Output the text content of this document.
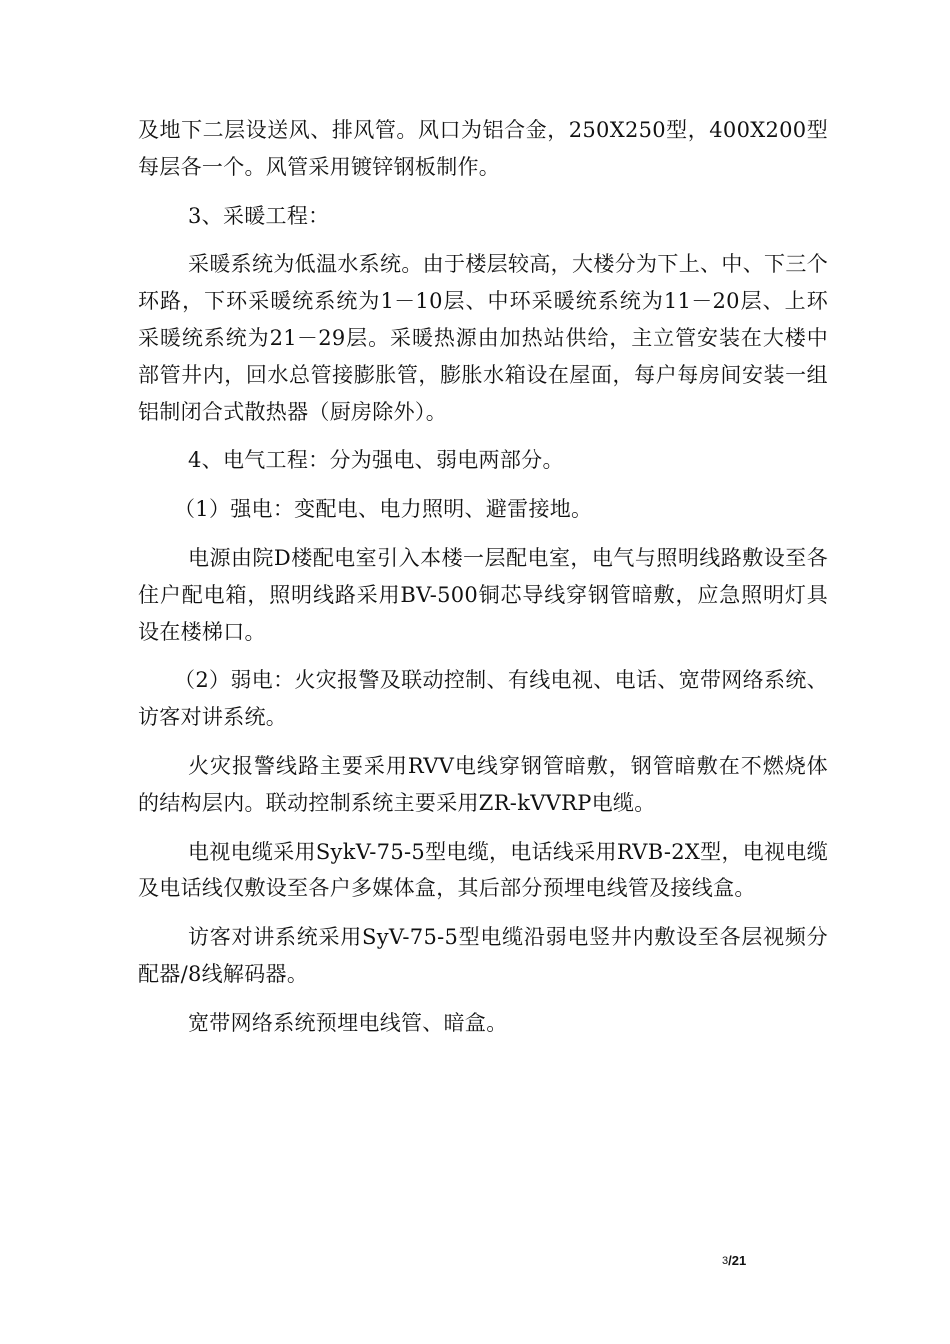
及地下二层设送风、排风管。风口为铝合金，250X250型，400X200型每层各一个。风管采用镀锌钢板制作。

3、采暖工程：

采暖系统为低温水系统。由于楼层较高，大楼分为下上、中、下三个环路，下环采暖统系统为1－10层、中环采暖统系统为11－20层、上环采暖统系统为21－29层。采暖热源由加热站供给，主立管安装在大楼中部管井内，回水总管接膨胀管，膨胀水箱设在屋面，每户每房间安装一组铝制闭合式散热器（厨房除外）。

4、电气工程：分为强电、弱电两部分。

（1）强电：变配电、电力照明、避雷接地。

电源由院D楼配电室引入本楼一层配电室，电气与照明线路敷设至各住户配电箱，照明线路采用BV-500铜芯导线穿钢管暗敷，应急照明灯具设在楼梯口。

（2）弱电：火灾报警及联动控制、有线电视、电话、宽带网络系统、访客对讲系统。

火灾报警线路主要采用RVV电线穿钢管暗敷，钢管暗敷在不燃烧体的结构层内。联动控制系统主要采用ZR-kVVRP电缆。

电视电缆采用SykV-75-5型电缆，电话线采用RVB-2X型，电视电缆及电话线仅敷设至各户多媒体盒，其后部分预埋电线管及接线盒。

访客对讲系统采用SyV-75-5型电缆沿弱电竖井内敷设至各层视频分配器/8线解码器。

宽带网络系统预埋电线管、暗盒。

3/21
